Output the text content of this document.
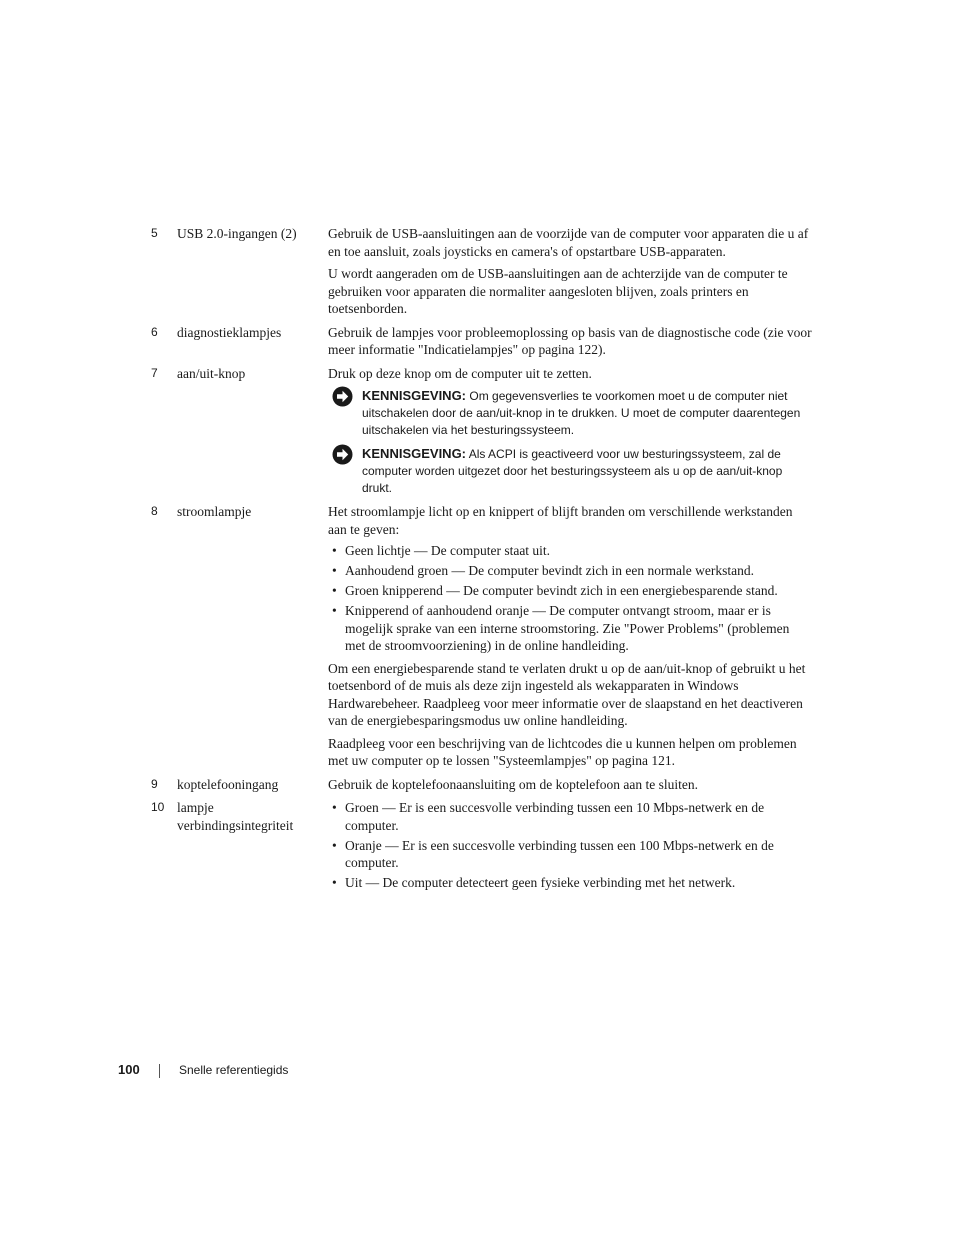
5	USB 2.0-ingangen (2)	Gebruik de USB-aansluitingen aan de voorzijde van de computer voor apparaten die u af en toe aansluit, zoals joysticks en camera's of opstartbare USB-apparaten.

U wordt aangeraden om de USB-aansluitingen aan de achterzijde van de computer te gebruiken voor apparaten die normaliter aangesloten blijven, zoals printers en toetsenborden.

6	diagnostieklampjes	Gebruik de lampjes voor probleemoplossing op basis van de diagnostische code (zie voor meer informatie "Indicatielampjes" op pagina 122).

7	aan/uit-knop	Druk op deze knop om de computer uit te zetten.

KENNISGEVING: Om gegevensverlies te voorkomen moet u de computer niet uitschakelen door de aan/uit-knop in te drukken. U moet de computer daarentegen uitschakelen via het besturingssysteem.
KENNISGEVING: Als ACPI is geactiveerd voor uw besturingssysteem, zal de computer worden uitgezet door het besturingssysteem als u op de aan/uit-knop drukt.
8	stroomlampje	Het stroomlampje licht op en knippert of blijft branden om verschillende werkstanden aan te geven:

• Geen lichtje — De computer staat uit.
• Aanhoudend groen — De computer bevindt zich in een normale werkstand.
• Groen knipperend — De computer bevindt zich in een energiebesparende stand.
• Knipperend of aanhoudend oranje — De computer ontvangt stroom, maar er is mogelijk sprake van een interne stroomstoring. Zie "Power Problems" (problemen met de stroomvoorziening) in de online handleiding.

Om een energiebesparende stand te verlaten drukt u op de aan/uit-knop of gebruikt u het toetsenbord of de muis als deze zijn ingesteld als wekapparaten in Windows Hardwarebeheer. Raadpleeg voor meer informatie over de slaapstand en het deactiveren van de energiebesparingsmodus uw online handleiding.

Raadpleeg voor een beschrijving van de lichtcodes die u kunnen helpen om problemen met uw computer op te lossen "Systeemlampjes" op pagina 121.

9	koptelefooningang	Gebruik de koptelefoonaansluiting om de koptelefoon aan te sluiten.

10 lampje verbindingsintegriteit
• Groen — Er is een succesvolle verbinding tussen een 10 Mbps-netwerk en de computer.
• Oranje — Er is een succesvolle verbinding tussen een 100 Mbps-netwerk en de computer.
• Uit — De computer detecteert geen fysieke verbinding met het netwerk.
100	Snelle referentiegids
